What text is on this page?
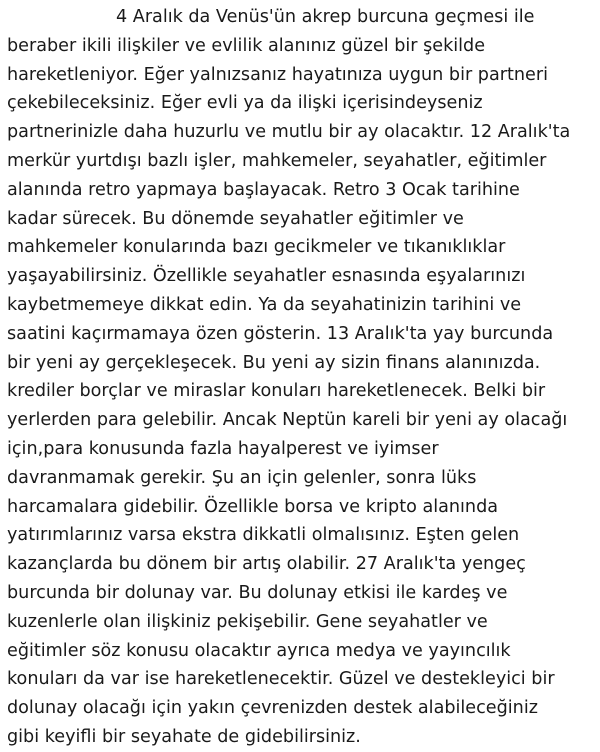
4 Aralık da Venüs'ün akrep burcuna geçmesi ile
beraber ikili ilişkiler ve evlilik alanınız güzel bir şekilde
hareketleniyor. Eğer yalnızsanız hayatınıza uygun bir partneri
çekebileceksiniz. Eğer evli ya da ilişki içerisindeyseniz
partnerinizle daha huzurlu ve mutlu bir ay olacaktır. 12 Aralık'ta
merkür yurtdışı bazlı işler, mahkemeler, seyahatler, eğitimler
alanında retro yapmaya başlayacak. Retro 3 Ocak tarihine
kadar sürecek. Bu dönemde seyahatler eğitimler ve
mahkemeler konularında bazı gecikmeler ve tıkanıklıklar
yaşayabilirsiniz. Özellikle seyahatler esnasında eşyalarınızı
kaybetmemeye dikkat edin. Ya da seyahatinizin tarihini ve
saatini kaçırmamaya özen gösterin. 13 Aralık'ta yay burcunda
bir yeni ay gerçekleşecek. Bu yeni ay sizin finans alanınızda.
krediler borçlar ve miraslar konuları hareketlenecek. Belki bir
yerlerden para gelebilir. Ancak Neptün kareli bir yeni ay olacağı
için,para konusunda fazla hayalperest ve iyimser
davranmamak gerekir. Şu an için gelenler, sonra lüks
harcamalara gidebilir. Özellikle borsa ve kripto alanında
yatırımlarınız varsa ekstra dikkatli olmalısınız. Eşten gelen
kazançlarda bu dönem bir artış olabilir. 27 Aralık'ta yengeç
burcunda bir dolunay var. Bu dolunay etkisi ile kardeş ve
kuzenlerle olan ilişkiniz pekişebilir. Gene seyahatler ve
eğitimler söz konusu olacaktır ayrıca medya ve yayıncılık
konuları da var ise hareketlenecektir. Güzel ve destekleyici bir
dolunay olacağı için yakın çevrenizden destek alabileceğiniz
gibi keyifli bir seyahate de gidebilirsiniz.
